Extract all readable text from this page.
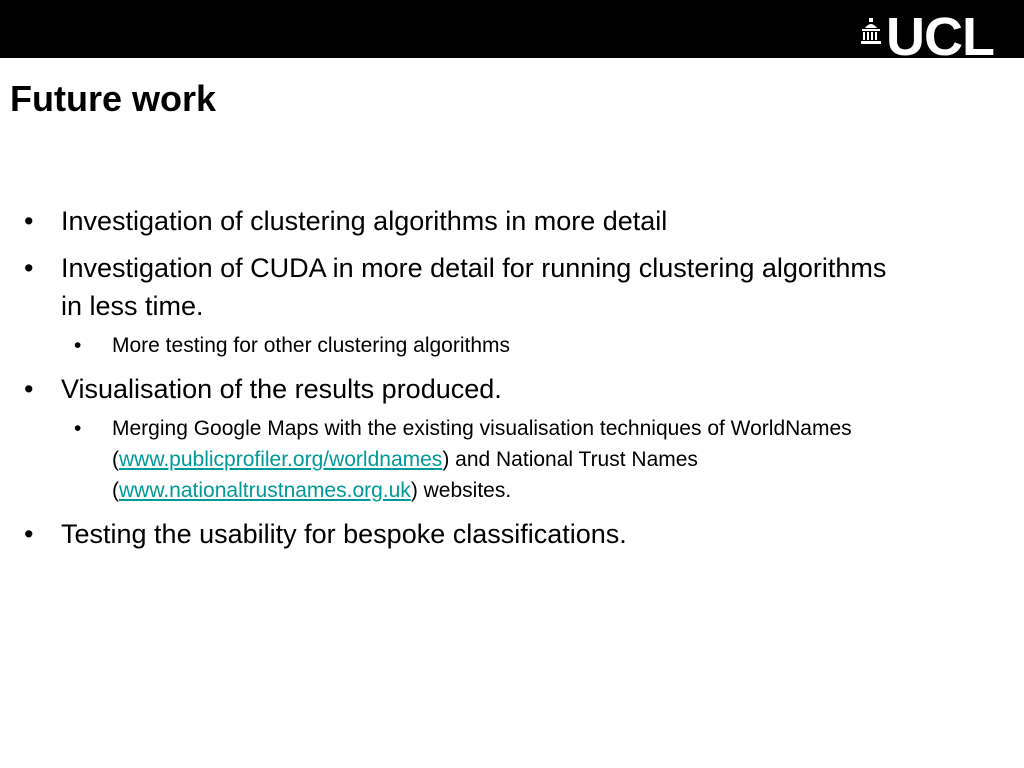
UCL
Future work
• Investigation of clustering algorithms in more detail
• Investigation of CUDA in more detail for running clustering algorithms in less time.
• More testing for other clustering algorithms
• Visualisation of the results produced.
• Merging Google Maps with the existing visualisation techniques of WorldNames (www.publicprofiler.org/worldnames) and National Trust Names (www.nationaltrustnames.org.uk) websites.
• Testing the usability for bespoke classifications.
